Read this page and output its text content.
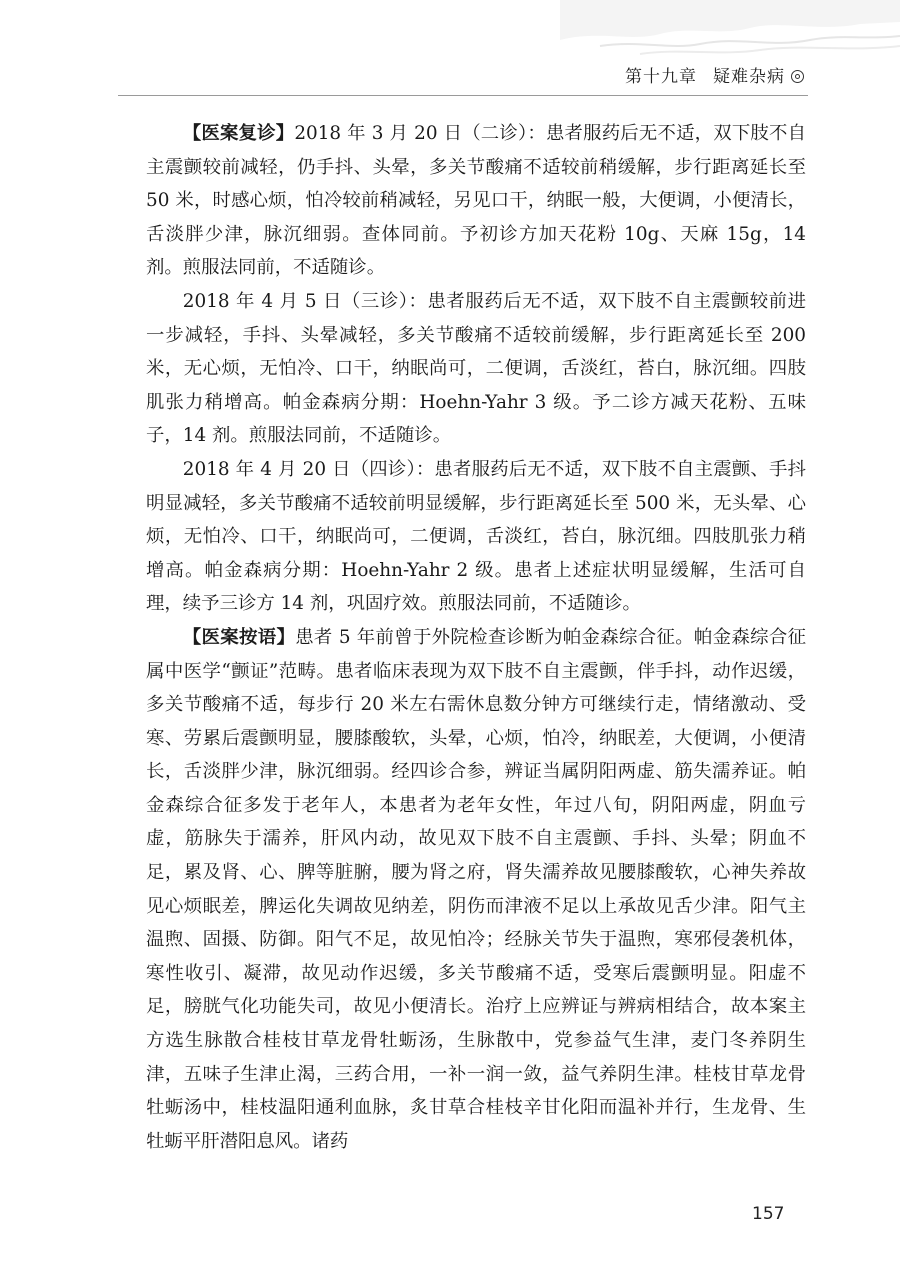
第十九章 疑难杂病

【医案复诊】2018 年 3 月 20 日（二诊）：患者服药后无不适，双下肢不自主震颤较前减轻，仍手抖、头晕，多关节酸痛不适较前稍缓解，步行距离延长至 50 米，时感心烦，怕冷较前稍减轻，另见口干，纳眠一般，大便调，小便清长，舌淡胖少津，脉沉细弱。查体同前。予初诊方加天花粉 10g、天麻 15g，14 剂。煎服法同前，不适随诊。

2018 年 4 月 5 日（三诊）：患者服药后无不适，双下肢不自主震颤较前进一步减轻，手抖、头晕减轻，多关节酸痛不适较前缓解，步行距离延长至 200 米，无心烦，无怕冷、口干，纳眠尚可，二便调，舌淡红，苔白，脉沉细。四肢肌张力稍增高。帕金森病分期：Hoehn-Yahr 3 级。予二诊方减天花粉、五味子，14 剂。煎服法同前，不适随诊。

2018 年 4 月 20 日（四诊）：患者服药后无不适，双下肢不自主震颤、手抖明显减轻，多关节酸痛不适较前明显缓解，步行距离延长至 500 米，无头晕、心烦，无怕冷、口干，纳眠尚可，二便调，舌淡红，苔白，脉沉细。四肢肌张力稍增高。帕金森病分期：Hoehn-Yahr 2 级。患者上述症状明显缓解，生活可自理，续予三诊方 14 剂，巩固疗效。煎服法同前，不适随诊。

【医案按语】患者 5 年前曾于外院检查诊断为帕金森综合征。帕金森综合征属中医学“颤证”范畴。患者临床表现为双下肢不自主震颤，伴手抖，动作迟缓，多关节酸痛不适，每步行 20 米左右需休息数分钟方可继续行走，情绪激动、受寒、劳累后震颤明显，腰膝酸软，头晕，心烦，怕冷，纳眠差，大便调，小便清长，舌淡胖少津，脉沉细弱。经四诊合参，辨证当属阴阳两虚、筋失濡养证。帕金森综合征多发于老年人，本患者为老年女性，年过八旬，阴阳两虚，阴血亏虚，筋脉失于濡养，肝风内动，故见双下肢不自主震颤、手抖、头晕；阴血不足，累及肾、心、脾等脏腑，腰为肾之府，肾失濡养故见腰膝酸软，心神失养故见心烦眠差，脾运化失调故见纳差，阴伤而津液不足以上承故见舌少津。阳气主温煦、固摄、防御。阳气不足，故见怕冷；经脉关节失于温煦，寒邪侵袭机体，寒性收引、凝滞，故见动作迟缓，多关节酸痛不适，受寒后震颤明显。阳虚不足，膀胱气化功能失司，故见小便清长。治疗上应辨证与辨病相结合，故本案主方选生脉散合桂枝甘草龙骨牡蛎汤，生脉散中，党参益气生津，麦门冬养阴生津，五味子生津止渴，三药合用，一补一润一敛，益气养阴生津。桂枝甘草龙骨牡蛎汤中，桂枝温阳通利血脉，炙甘草合桂枝辛甘化阳而温补并行，生龙骨、生牡蛎平肝潜阳息风。诸药

157
